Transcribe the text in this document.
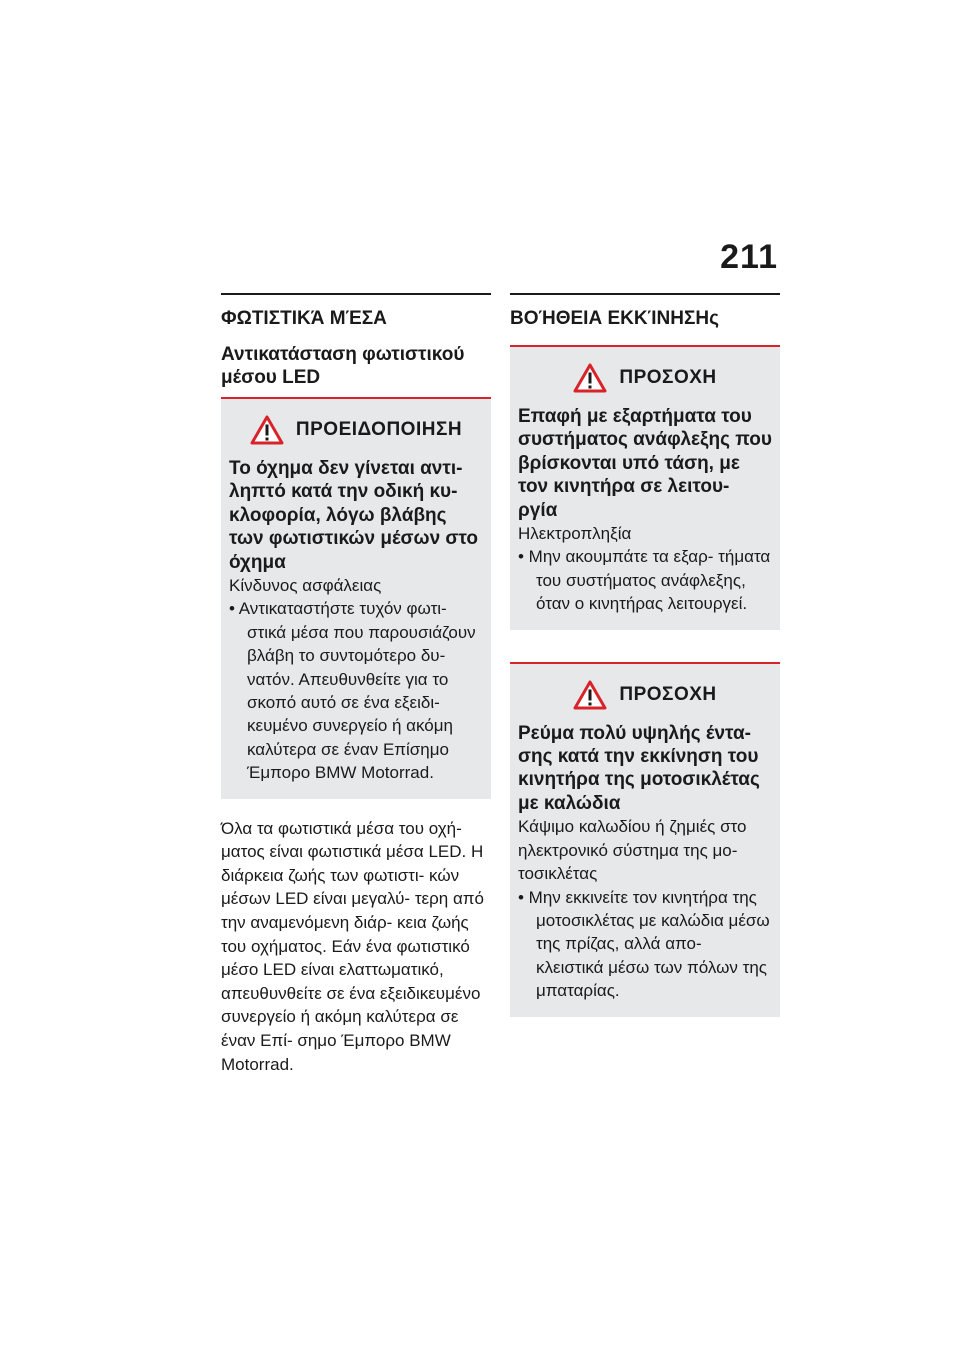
211
ΦΩΤΙΣΤΙΚΆ ΜΈΣΑ
Αντικατάσταση φωτιστικού μέσου LED
ΠΡΟΕΙΔΟΠΟΙΗΣΗ
Το όχημα δεν γίνεται αντι- ληπτό κατά την οδική κυ- κλοφορία, λόγω βλάβης των φωτιστικών μέσων στο όχημα
Κίνδυνος ασφάλειας
• Αντικαταστήστε τυχόν φωτι- στικά μέσα που παρουσιάζουν βλάβη το συντομότερο δυ- νατόν. Απευθυνθείτε για το σκοπό αυτό σε ένα εξειδι- κευμένο συνεργείο ή ακόμη καλύτερα σε έναν Επίσημο Έμπορο BMW Motorrad.
Όλα τα φωτιστικά μέσα του οχή- ματος είναι φωτιστικά μέσα LED. Η διάρκεια ζωής των φωτιστι- κών μέσων LED είναι μεγαλύ- τερη από την αναμενόμενη διάρ- κεια ζωής του οχήματος. Εάν ένα φωτιστικό μέσο LED είναι ελαττωματικό, απευθυνθείτε σε ένα εξειδικευμένο συνεργείο ή ακόμη καλύτερα σε έναν Επί- σημο Έμπορο BMW Motorrad.
ΒΟΉΘΕΙΑ ΕΚΚΊΝΗΣΗς
ΠΡΟΣΟΧΗ
Επαφή με εξαρτήματα του συστήματος ανάφλεξης που βρίσκονται υπό τάση, με τον κινητήρα σε λειτου- ργία
Ηλεκτροπληξία
• Μην ακουμπάτε τα εξαρ- τήματα του συστήματος ανάφλεξης, όταν ο κινητήρας λειτουργεί.
ΠΡΟΣΟΧΗ
Ρεύμα πολύ υψηλής έντα- σης κατά την εκκίνηση του κινητήρα της μοτοσικλέτας με καλώδια
Κάψιμο καλωδίου ή ζημιές στο ηλεκτρονικό σύστημα της μο- τοσικλέτας
• Μην εκκινείτε τον κινητήρα της μοτοσικλέτας με καλώδια μέσω της πρίζας, αλλά απο- κλειστικά μέσω των πόλων της μπαταρίας.
